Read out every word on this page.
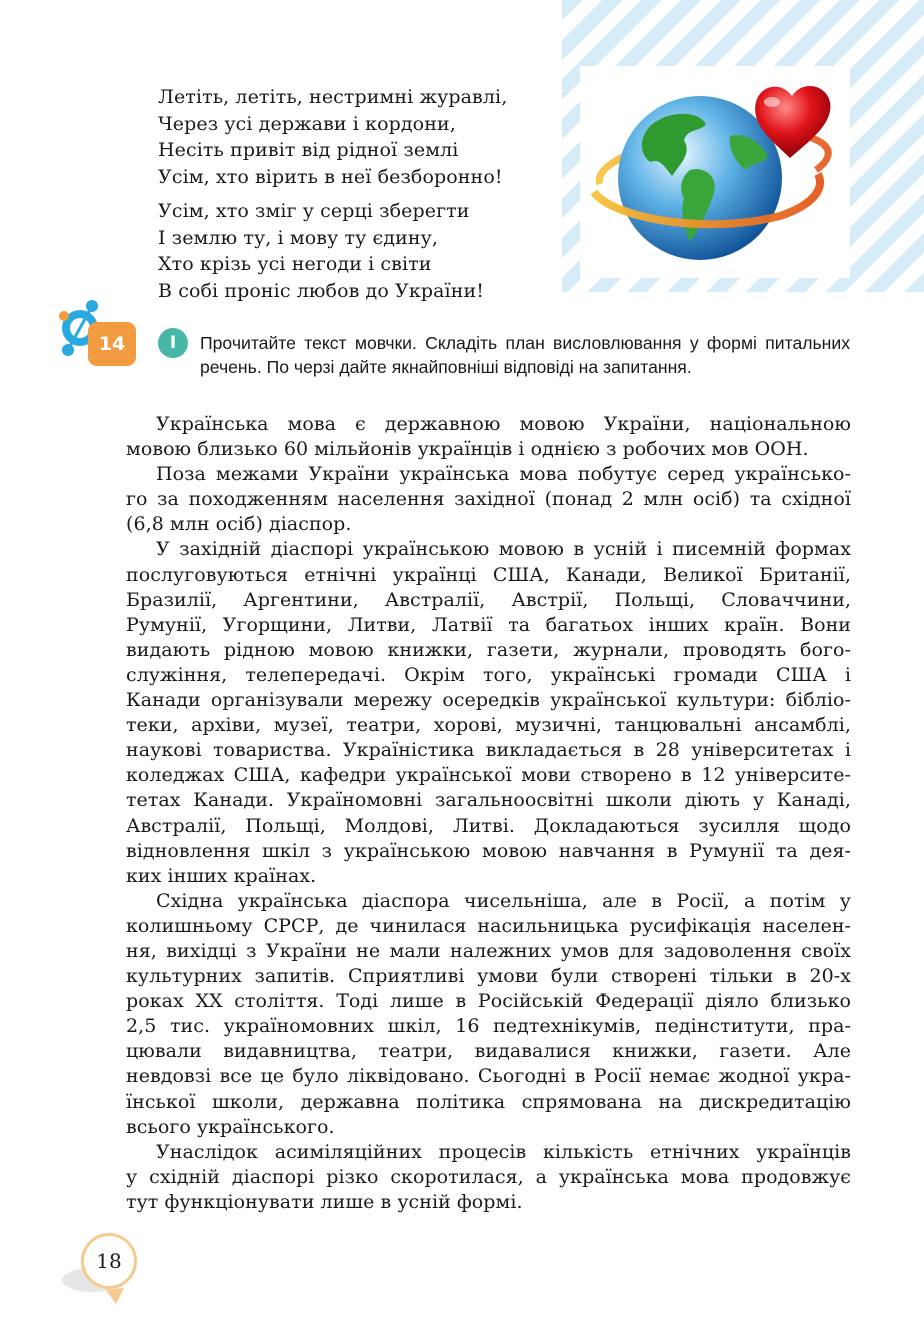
Летіть, летіть, нестримні журавлі,
Через усі держави і кордони,
Несіть привіт від рідної землі
Усім, хто вірить в неї безборонно!
Усім, хто зміг у серці зберегти
І землю ту, і мову ту єдину,
Хто крізь усі негоди і світи
В собі проніс любов до України!
14	І	Прочитайте текст мовчки. Складіть план висловлювання у формі питальних речень. По черзі дайте якнайповніші відповіді на запитання.
Українська мова є державною мовою України, національною
мовою близько 60 мільйонів українців і однією з робочих мов ООН.
Поза межами України українська мова побутує серед українсько-
го за походженням населення західної (понад 2 млн осіб) та східної
(6,8 млн осіб) діаспор.
У західній діаспорі українською мовою в усній і писемній формах
послуговуються етнічні українці США, Канади, Великої Британії,
Бразилії, Аргентини, Австралії, Австрії, Польщі, Словаччини,
Румунії, Угорщини, Литви, Латвії та багатьох інших країн. Вони
видають рідною мовою книжки, газети, журнали, проводять бого-
служіння, телепередачі. Окрім того, українські громади США і
Канади організували мережу осередків української культури: бібліо-
теки, архіви, музеї, театри, хорові, музичні, танцювальні ансамблі,
наукові товариства. Україністика викладається в 28 університетах і
коледжах США, кафедри української мови створено в 12 університе-
тетах Канади. Україномовні загальноосвітні школи діють у Канаді,
Австралії, Польщі, Молдові, Литві. Докладаються зусилля щодо
відновлення шкіл з українською мовою навчання в Румунії та дея-
ких інших країнах.
Східна українська діаспора чисельніша, але в Росії, а потім у
колишньому СРСР, де чинилася насильницька русифікація населен-
ня, вихідці з України не мали належних умов для задоволення своїх
культурних запитів. Сприятливі умови були створені тільки в 20-х
роках ХХ століття. Тоді лише в Російській Федерації діяло близько
2,5 тис. україномовних шкіл, 16 педтехнікумів, педінститути, пра-
цювали видавництва, театри, видавалися книжки, газети. Але
невдовзі все це було ліквідовано. Сьогодні в Росії немає жодної укра-
їнської школи, державна політика спрямована на дискредитацію
всього українського.
Унаслідок асиміляційних процесів кількість етнічних українців
у східній діаспорі різко скоротилася, а українська мова продовжує
тут функціонувати лише в усній формі.
18
